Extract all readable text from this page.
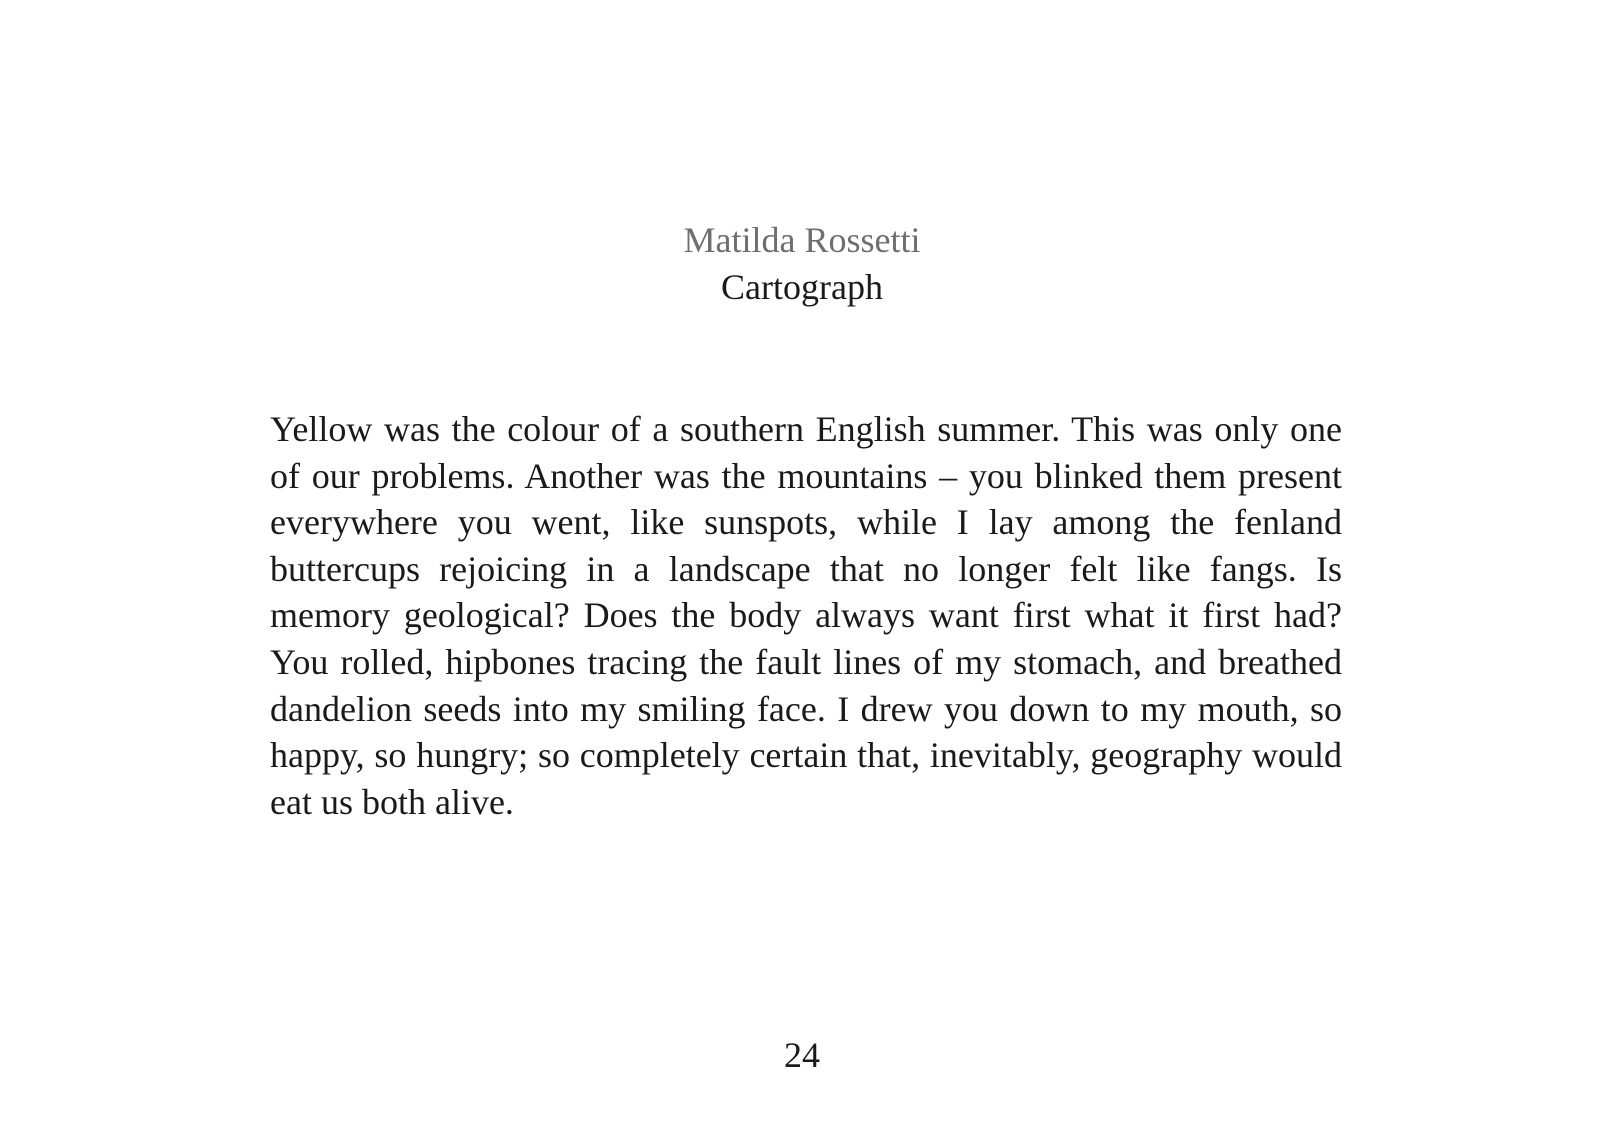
Matilda Rossetti
Cartograph

Yellow was the colour of a southern English summer. This was only one of our problems. Another was the mountains – you blinked them present everywhere you went, like sunspots, while I lay among the fenland buttercups rejoicing in a landscape that no longer felt like fangs. Is memory geological? Does the body always want first what it first had? You rolled, hipbones tracing the fault lines of my stomach, and breathed dandelion seeds into my smiling face. I drew you down to my mouth, so happy, so hungry; so completely certain that, inevitably, geography would eat us both alive.

24
